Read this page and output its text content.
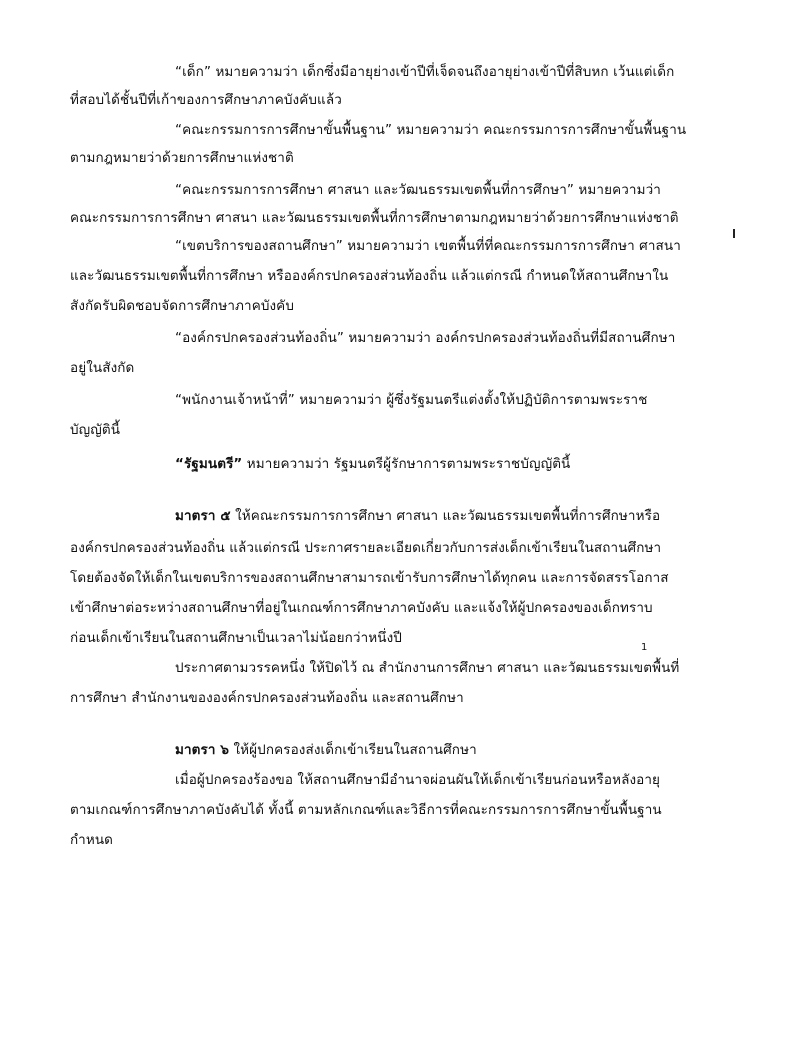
“เด็ก” หมายความว่า เด็กซึ่งมีอายุย่างเข้าปีที่เจ็ดจนถึงอายุย่างเข้าปีที่สิบหก เว้นแต่เด็ก
ที่สอบได้ชั้นปีที่เก้าของการศึกษาภาคบังคับแล้ว
“คณะกรรมการการศึกษาขั้นพื้นฐาน” หมายความว่า คณะกรรมการการศึกษาขั้นพื้นฐาน
ตามกฎหมายว่าด้วยการศึกษาแห่งชาติ
“คณะกรรมการการศึกษา ศาสนา และวัฒนธรรมเขตพื้นที่การศึกษา” หมายความว่า
คณะกรรมการการศึกษา ศาสนา และวัฒนธรรมเขตพื้นที่การศึกษาตามกฎหมายว่าด้วยการศึกษาแห่งชาติ
“เขตบริการของสถานศึกษา” หมายความว่า เขตพื้นที่ที่คณะกรรมการการศึกษา ศาสนา
และวัฒนธรรมเขตพื้นที่การศึกษา หรือองค์กรปกครองส่วนท้องถิ่น แล้วแต่กรณี กำหนดให้สถานศึกษาใน
สังกัดรับผิดชอบจัดการศึกษาภาคบังคับ
“องค์กรปกครองส่วนท้องถิ่น” หมายความว่า องค์กรปกครองส่วนท้องถิ่นที่มีสถานศึกษา
อยู่ในสังกัด
“พนักงานเจ้าหน้าที่” หมายความว่า ผู้ซึ่งรัฐมนตรีแต่งตั้งให้ปฏิบัติการตามพระราช
บัญญัตินี้
“รัฐมนตรี” หมายความว่า รัฐมนตรีผู้รักษาการตามพระราชบัญญัตินี้
มาตรา ๕ ให้คณะกรรมการการศึกษา ศาสนา และวัฒนธรรมเขตพื้นที่การศึกษาหรือ
องค์กรปกครองส่วนท้องถิ่น แล้วแต่กรณี ประกาศรายละเอียดเกี่ยวกับการส่งเด็กเข้าเรียนในสถานศึกษา
โดยต้องจัดให้เด็กในเขตบริการของสถานศึกษาสามารถเข้ารับการศึกษาได้ทุกคน และการจัดสรรโอกาส
เข้าศึกษาต่อระหว่างสถานศึกษาที่อยู่ในเกณฑ์การศึกษาภาคบังคับ และแจ้งให้ผู้ปกครองของเด็กทราบ
ก่อนเด็กเข้าเรียนในสถานศึกษาเป็นเวลาไม่น้อยกว่าหนึ่งปี
1
ประกาศตามวรรคหนึ่ง ให้ปิดไว้ ณ สำนักงานการศึกษา ศาสนา และวัฒนธรรมเขตพื้นที่
การศึกษา สำนักงานขององค์กรปกครองส่วนท้องถิ่น และสถานศึกษา
มาตรา ๖ ให้ผู้ปกครองส่งเด็กเข้าเรียนในสถานศึกษา
เมื่อผู้ปกครองร้องขอ ให้สถานศึกษามีอำนาจผ่อนผันให้เด็กเข้าเรียนก่อนหรือหลังอายุ
ตามเกณฑ์การศึกษาภาคบังคับได้ ทั้งนี้ ตามหลักเกณฑ์และวิธีการที่คณะกรรมการการศึกษาขั้นพื้นฐาน
กำหนด
